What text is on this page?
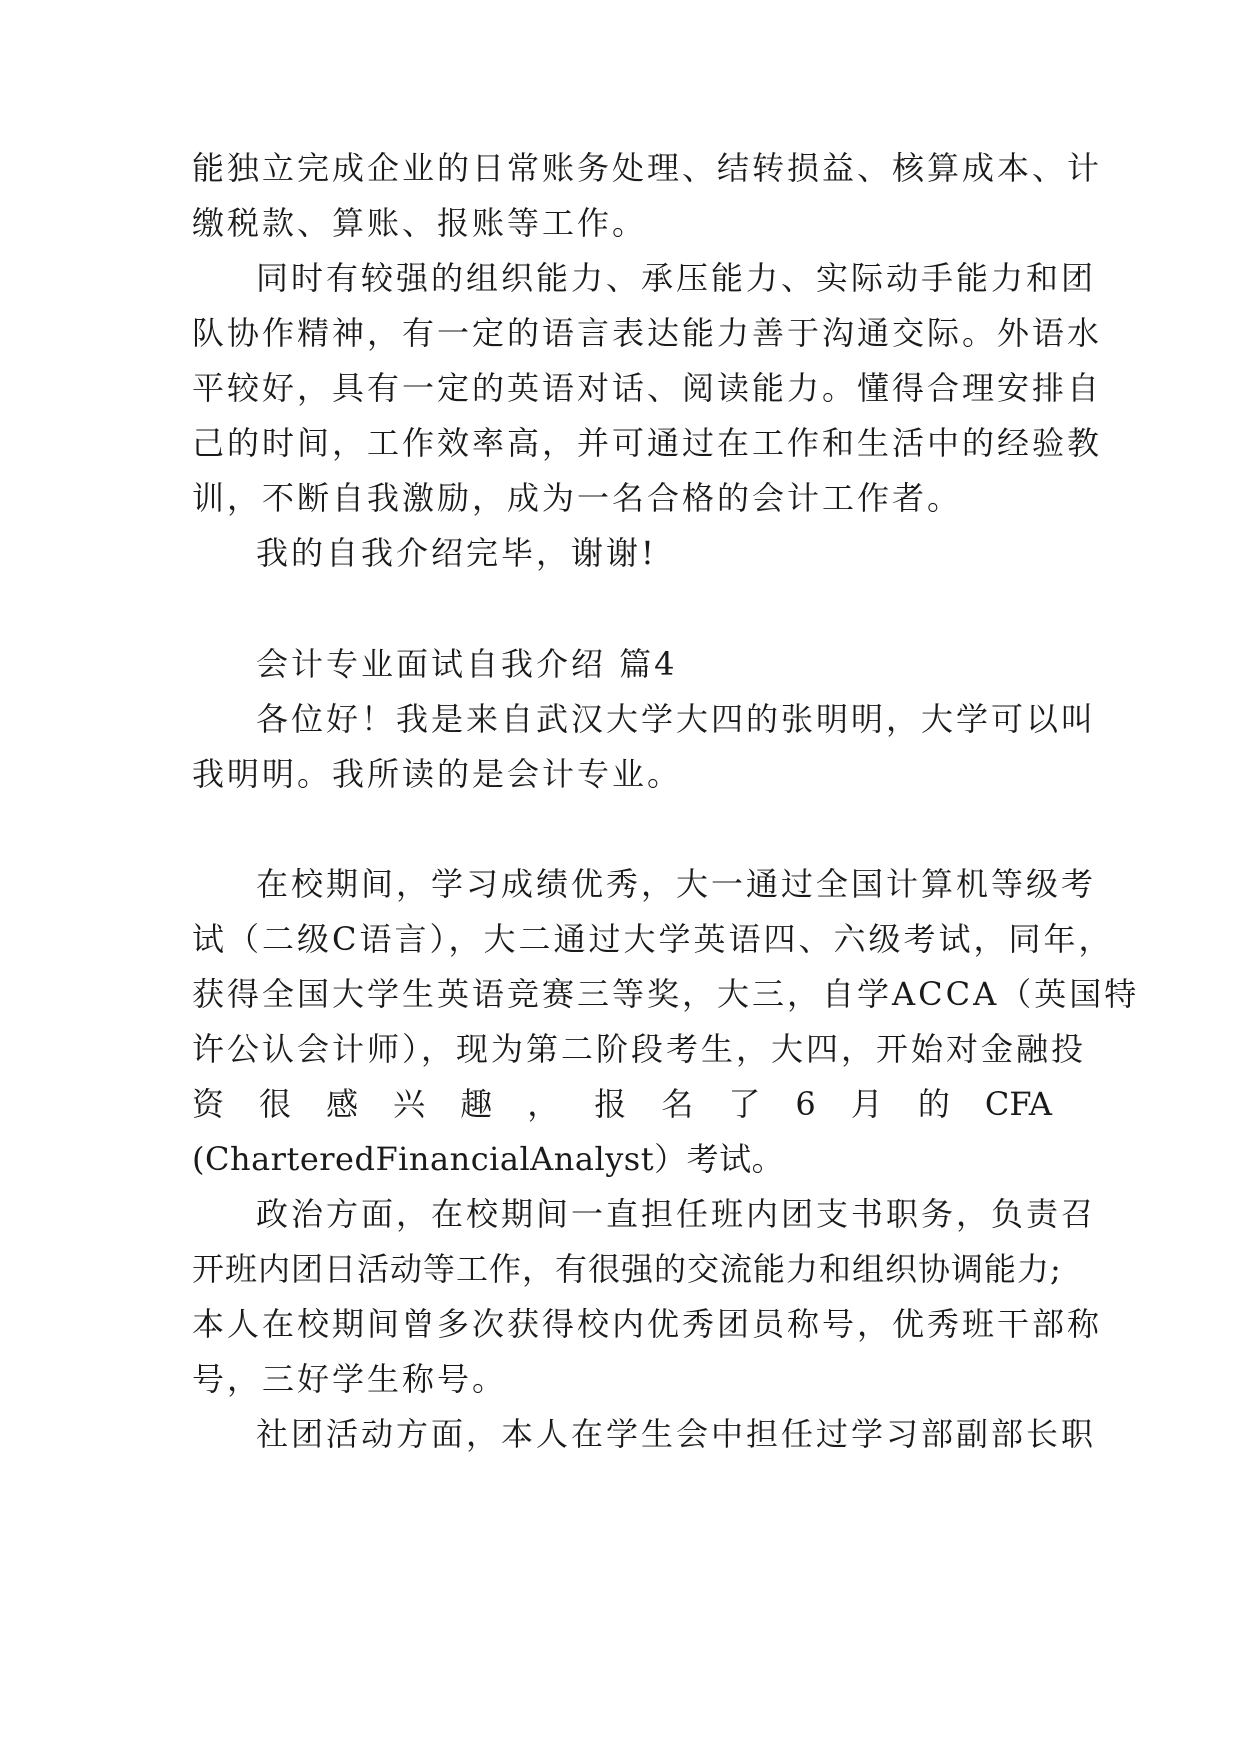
能独立完成企业的日常账务处理、结转损益、核算成本、计
缴税款、算账、报账等工作。
同时有较强的组织能力、承压能力、实际动手能力和团
队协作精神，有一定的语言表达能力善于沟通交际。外语水
平较好，具有一定的英语对话、阅读能力。懂得合理安排自
己的时间，工作效率高，并可通过在工作和生活中的经验教
训，不断自我激励，成为一名合格的会计工作者。
我的自我介绍完毕，谢谢!
会计专业面试自我介绍 篇4
各位好！我是来自武汉大学大四的张明明，大学可以叫
我明明。我所读的是会计专业。
在校期间，学习成绩优秀，大一通过全国计算机等级考
试（二级C语言），大二通过大学英语四、六级考试，同年，
获得全国大学生英语竞赛三等奖，大三，自学ACCA（英国特
许公认会计师），现为第二阶段考生，大四，开始对金融投
资 很 感 兴 趣 ， 报 名 了 6 月 的 CFA
(CharteredFinancialAnalyst）考试。
政治方面，在校期间一直担任班内团支书职务，负责召
开班内团日活动等工作，有很强的交流能力和组织协调能力;
本人在校期间曾多次获得校内优秀团员称号，优秀班干部称
号，三好学生称号。
社团活动方面，本人在学生会中担任过学习部副部长职
